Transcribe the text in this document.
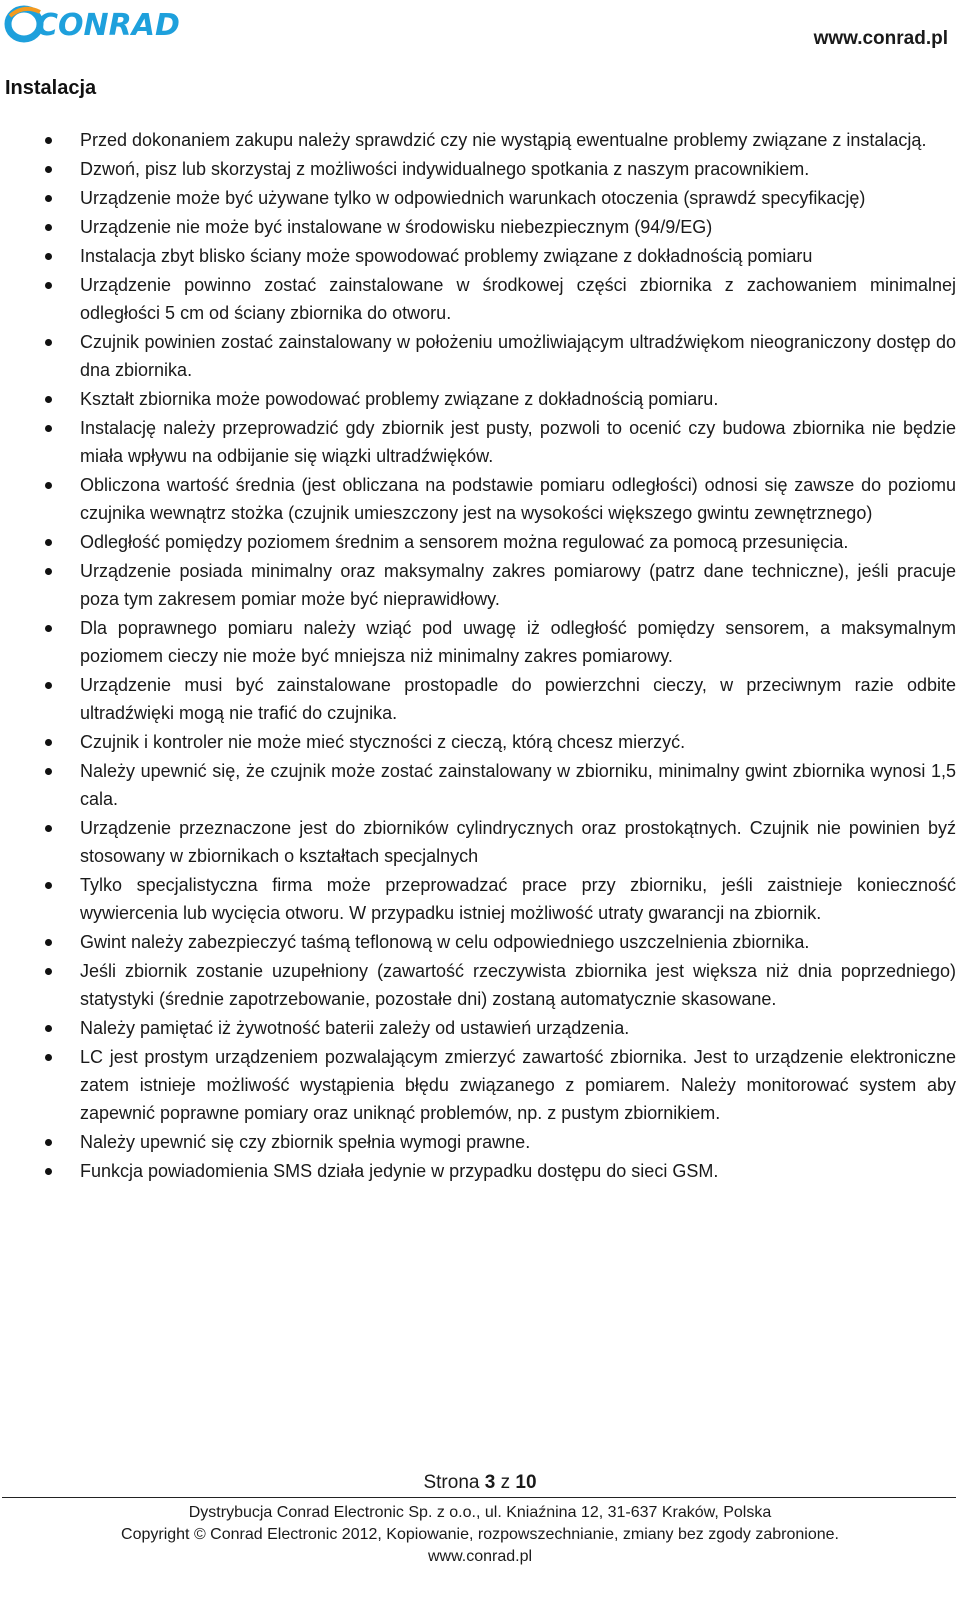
CONRAD	www.conrad.pl
Instalacja
Przed dokonaniem zakupu należy sprawdzić czy nie wystąpią ewentualne problemy związane z instalacją.
Dzwoń, pisz lub skorzystaj z możliwości indywidualnego spotkania z naszym pracownikiem.
Urządzenie może być używane tylko w odpowiednich warunkach otoczenia (sprawdź specyfikację)
Urządzenie nie może być instalowane w środowisku niebezpiecznym (94/9/EG)
Instalacja zbyt blisko ściany może spowodować problemy związane z dokładnością pomiaru
Urządzenie powinno zostać zainstalowane w środkowej części zbiornika z zachowaniem minimalnej odległości 5 cm od ściany zbiornika do otworu.
Czujnik powinien zostać zainstalowany w położeniu umożliwiającym ultradźwiękom nieograniczony dostęp do dna zbiornika.
Kształt zbiornika może powodować problemy związane z dokładnością pomiaru.
Instalację należy przeprowadzić gdy zbiornik jest pusty, pozwoli to ocenić czy budowa zbiornika nie będzie miała wpływu na odbijanie się wiązki ultradźwięków.
Obliczona wartość średnia (jest obliczana na podstawie pomiaru odległości) odnosi się zawsze do poziomu czujnika wewnątrz stożka (czujnik umieszczony jest na wysokości większego gwintu zewnętrznego)
Odległość pomiędzy poziomem średnim a sensorem można regulować za pomocą przesunięcia.
Urządzenie posiada minimalny oraz maksymalny zakres pomiarowy (patrz dane techniczne), jeśli pracuje poza tym zakresem pomiar może być nieprawidłowy.
Dla poprawnego pomiaru należy wziąć pod uwagę iż odległość pomiędzy sensorem, a maksymalnym poziomem cieczy nie może być mniejsza niż minimalny zakres pomiarowy.
Urządzenie musi być zainstalowane prostopadle do powierzchni cieczy, w przeciwnym razie odbite ultradźwięki mogą nie trafić do czujnika.
Czujnik i kontroler nie może mieć styczności z cieczą, którą chcesz mierzyć.
Należy upewnić się, że czujnik może zostać zainstalowany w zbiorniku, minimalny gwint zbiornika wynosi 1,5 cala.
Urządzenie przeznaczone jest do zbiorników cylindrycznych oraz prostokątnych. Czujnik nie powinien byź stosowany w zbiornikach o kształtach specjalnych
Tylko specjalistyczna firma może przeprowadzać prace przy zbiorniku, jeśli zaistnieje konieczność wywiercenia lub wycięcia otworu. W przypadku istniej możliwość utraty gwarancji na zbiornik.
Gwint należy zabezpieczyć taśmą teflonową w celu odpowiedniego uszczelnienia zbiornika.
Jeśli zbiornik zostanie uzupełniony (zawartość rzeczywista zbiornika jest większa niż dnia poprzedniego) statystyki (średnie zapotrzebowanie, pozostałe dni) zostaną automatycznie skasowane.
Należy pamiętać iż żywotność baterii zależy od ustawień urządzenia.
LC jest prostym urządzeniem pozwalającym zmierzyć zawartość zbiornika. Jest to urządzenie elektroniczne zatem istnieje możliwość wystąpienia błędu związanego z pomiarem. Należy monitorować system aby zapewnić poprawne pomiary oraz uniknąć problemów, np. z pustym zbiornikiem.
Należy upewnić się czy zbiornik spełnia wymogi prawne.
Funkcja powiadomienia SMS działa jedynie w przypadku dostępu do sieci GSM.
Strona 3 z 10
Dystrybucja Conrad Electronic Sp. z o.o., ul. Kniaźnina 12, 31-637 Kraków, Polska
Copyright © Conrad Electronic 2012, Kopiowanie, rozpowszechnianie, zmiany bez zgody zabronione.
www.conrad.pl
